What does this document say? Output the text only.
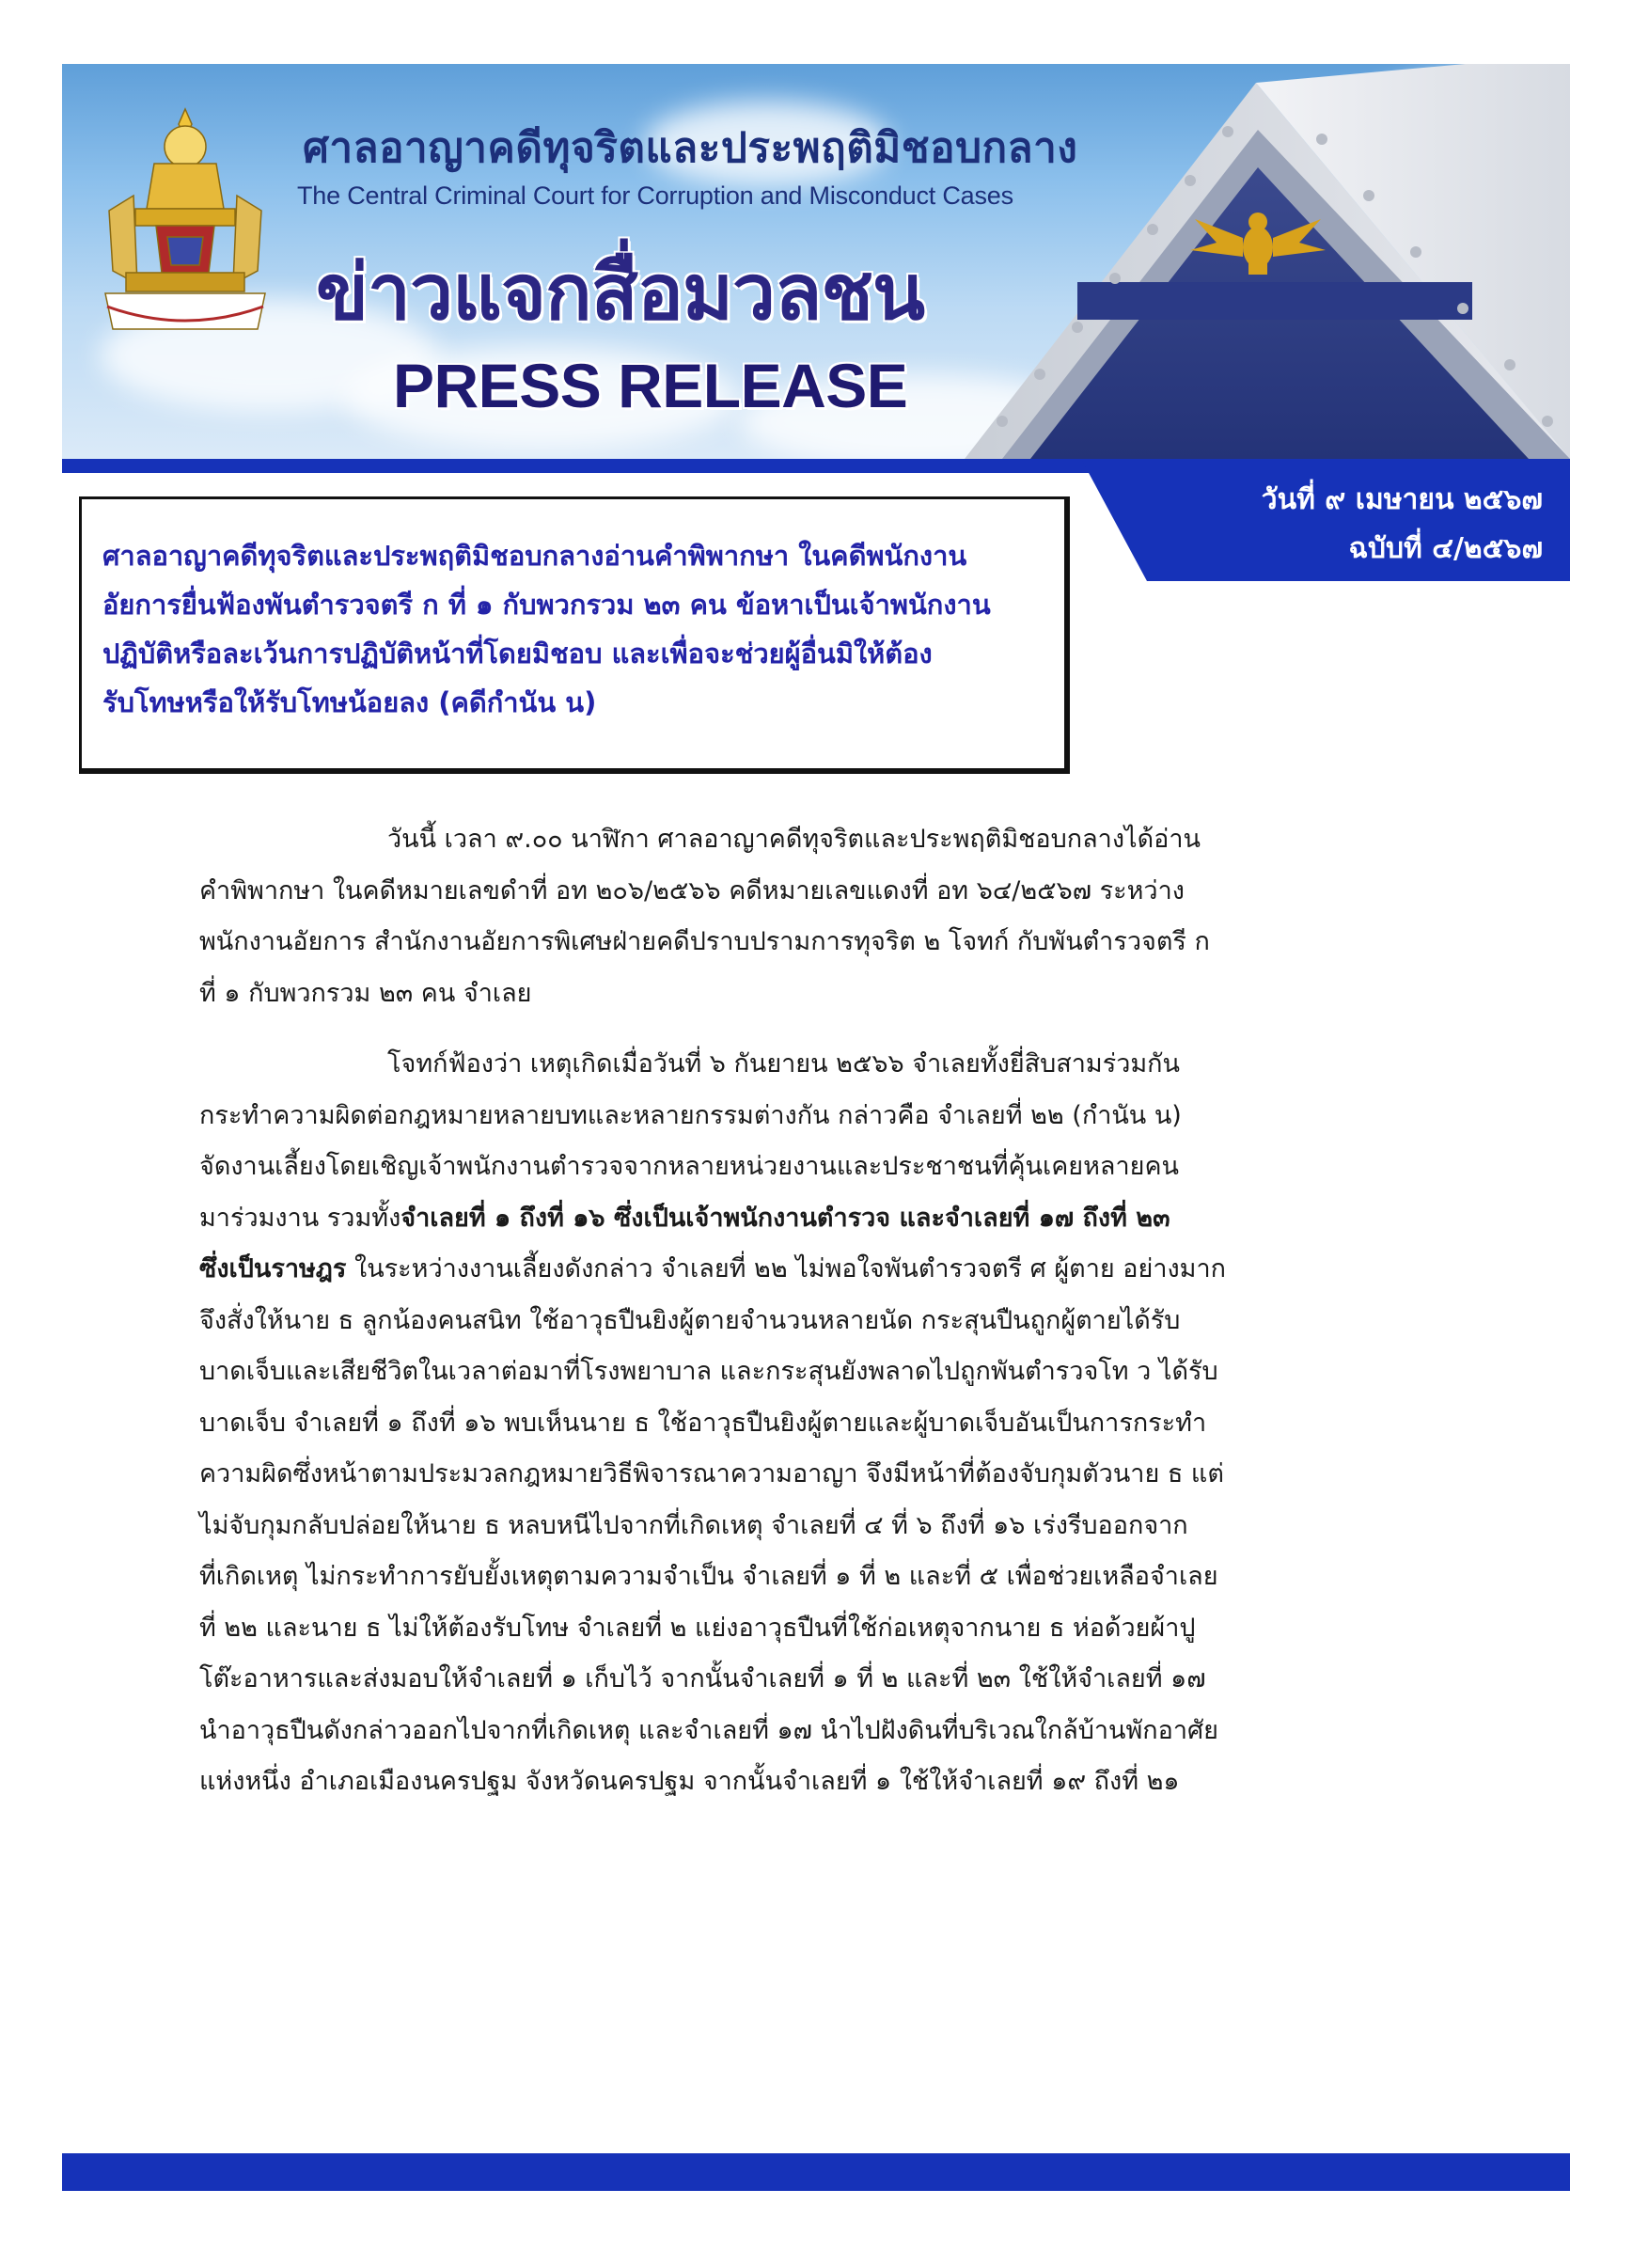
ศาลอาญาคดีทุจริตและประพฤติมิชอบกลาง

The Central Criminal Court for Corruption and Misconduct Cases

ข่าวแจกสื่อมวลชน

PRESS RELEASE

วันที่ ๙ เมษายน ๒๕๖๗

ฉบับที่ ๔/๒๕๖๗

ศาลอาญาคดีทุจริตและประพฤติมิชอบกลางอ่านคำพิพากษา ในคดีพนักงาน
อัยการยื่นฟ้องพันตำรวจตรี ก ที่ ๑ กับพวกรวม ๒๓ คน ข้อหาเป็นเจ้าพนักงาน
ปฏิบัติหรือละเว้นการปฏิบัติหน้าที่โดยมิชอบ และเพื่อจะช่วยผู้อื่นมิให้ต้อง
รับโทษหรือให้รับโทษน้อยลง (คดีกำนัน น)

วันนี้ เวลา ๙.๐๐ นาฬิกา ศาลอาญาคดีทุจริตและประพฤติมิชอบกลางได้อ่าน
คำพิพากษา ในคดีหมายเลขดำที่ อท ๒๐๖/๒๕๖๖ คดีหมายเลขแดงที่ อท ๖๔/๒๕๖๗ ระหว่าง
พนักงานอัยการ สำนักงานอัยการพิเศษฝ่ายคดีปราบปรามการทุจริต ๒ โจทก์ กับพันตำรวจตรี ก
ที่ ๑ กับพวกรวม ๒๓ คน จำเลย

โจทก์ฟ้องว่า เหตุเกิดเมื่อวันที่ ๖ กันยายน ๒๕๖๖ จำเลยทั้งยี่สิบสามร่วมกัน
กระทำความผิดต่อกฎหมายหลายบทและหลายกรรมต่างกัน กล่าวคือ จำเลยที่ ๒๒ (กำนัน น)
จัดงานเลี้ยงโดยเชิญเจ้าพนักงานตำรวจจากหลายหน่วยงานและประชาชนที่คุ้นเคยหลายคน
มาร่วมงาน รวมทั้งจำเลยที่ ๑ ถึงที่ ๑๖ ซึ่งเป็นเจ้าพนักงานตำรวจ และจำเลยที่ ๑๗ ถึงที่ ๒๓
ซึ่งเป็นราษฎร ในระหว่างงานเลี้ยงดังกล่าว จำเลยที่ ๒๒ ไม่พอใจพันตำรวจตรี ศ ผู้ตาย อย่างมาก
จึงสั่งให้นาย ธ ลูกน้องคนสนิท ใช้อาวุธปืนยิงผู้ตายจำนวนหลายนัด กระสุนปืนถูกผู้ตายได้รับ
บาดเจ็บและเสียชีวิตในเวลาต่อมาที่โรงพยาบาล และกระสุนยังพลาดไปถูกพันตำรวจโท ว ได้รับ
บาดเจ็บ จำเลยที่ ๑ ถึงที่ ๑๖ พบเห็นนาย ธ ใช้อาวุธปืนยิงผู้ตายและผู้บาดเจ็บอันเป็นการกระทำ
ความผิดซึ่งหน้าตามประมวลกฎหมายวิธีพิจารณาความอาญา จึงมีหน้าที่ต้องจับกุมตัวนาย ธ แต่
ไม่จับกุมกลับปล่อยให้นาย ธ หลบหนีไปจากที่เกิดเหตุ จำเลยที่ ๔ ที่ ๖ ถึงที่ ๑๖ เร่งรีบออกจาก
ที่เกิดเหตุ ไม่กระทำการยับยั้งเหตุตามความจำเป็น จำเลยที่ ๑ ที่ ๒ และที่ ๕ เพื่อช่วยเหลือจำเลย
ที่ ๒๒ และนาย ธ ไม่ให้ต้องรับโทษ จำเลยที่ ๒ แย่งอาวุธปืนที่ใช้ก่อเหตุจากนาย ธ ห่อด้วยผ้าปู
โต๊ะอาหารและส่งมอบให้จำเลยที่ ๑ เก็บไว้ จากนั้นจำเลยที่ ๑ ที่ ๒ และที่ ๒๓ ใช้ให้จำเลยที่ ๑๗
นำอาวุธปืนดังกล่าวออกไปจากที่เกิดเหตุ และจำเลยที่ ๑๗ นำไปฝังดินที่บริเวณใกล้บ้านพักอาศัย
แห่งหนึ่ง อำเภอเมืองนครปฐม จังหวัดนครปฐม จากนั้นจำเลยที่ ๑ ใช้ให้จำเลยที่ ๑๙ ถึงที่ ๒๑
